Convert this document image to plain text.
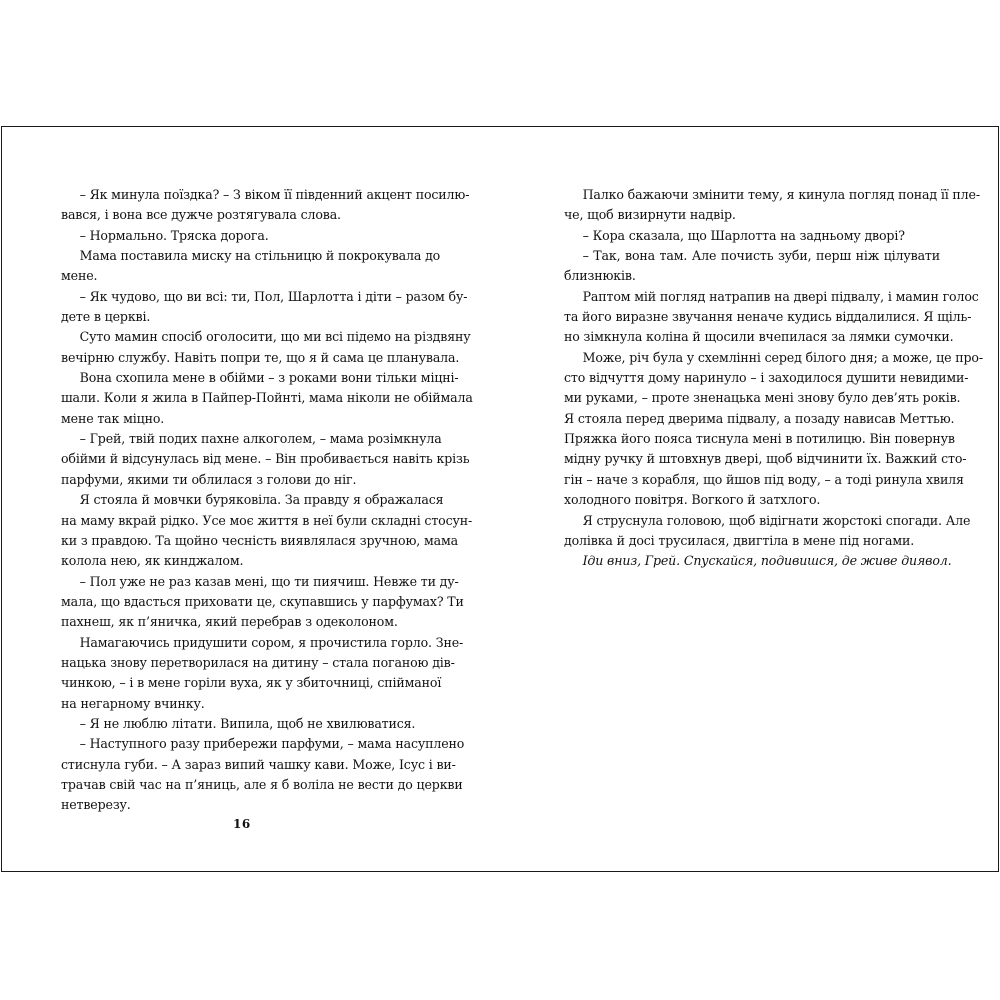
  – Як минула поїздка? – З віком її південний акцент посилю-
вався, і вона все дужче розтягувала слова.

  – Нормально. Тряска дорога.

  Мама поставила миску на стільницю й покрокувала до
мене.

  – Як чудово, що ви всі: ти, Пол, Шарлотта і діти – разом бу-
дете в церкві.

  Суто мамин спосіб оголосити, що ми всі підемо на різдвяну
вечірню службу. Навіть попри те, що я й сама це планувала.

  Вона схопила мене в обійми – з роками вони тільки міцні-
шали. Коли я жила в Пайпер-Пойнті, мама ніколи не обіймала
мене так міцно.

  – Грей, твій подих пахне алкоголем, – мама розімкнула
обійми й відсунулась від мене. – Він пробивається навіть крізь
парфуми, якими ти облилася з голови до ніг.

  Я стояла й мовчки буряковіла. За правду я ображалася
на маму вкрай рідко. Усе моє життя в неї були складні стосун-
ки з правдою. Та щойно чесність виявлялася зручною, мама
колола нею, як кинджалом.

  – Пол уже не раз казав мені, що ти пиячиш. Невже ти ду-
мала, що вдасться приховати це, скупавшись у парфумах? Ти
пахнеш, як п’яничка, який перебрав з одеколоном.

  Намагаючись придушити сором, я прочистила горло. Зне-
нацька знову перетворилася на дитину – стала поганою дів-
чинкою, – і в мене горіли вуха, як у збиточниці, спійманої
на негарному вчинку.

  – Я не люблю літати. Випила, щоб не хвилюватися.

  – Наступного разу прибережи парфуми, – мама насуплено
стиснула губи. – А зараз випий чашку кави. Може, Ісус і ви-
трачав свій час на п’яниць, але я б воліла не вести до церкви
нетверезу.

16

  Палко бажаючи змінити тему, я кинула погляд понад її пле-
че, щоб визирнути надвір.

  – Кора сказала, що Шарлотта на задньому дворі?

  – Так, вона там. Але почисть зуби, перш ніж цілувати
близнюків.

  Раптом мій погляд натрапив на двері підвалу, і мамин голос
та його виразне звучання неначе кудись віддалилися. Я щіль-
но зімкнула коліна й щосили вчепилася за лямки сумочки.

  Може, річ була у схемлінні серед білого дня; а може, це про-
сто відчуття дому наринуло – і заходилося душити невидими-
ми руками, – проте зненацька мені знову було дев’ять років.
Я стояла перед дверима підвалу, а позаду нависав Меттью.
Пряжка його пояса тиснула мені в потилицю. Він повернув
мідну ручку й штовхнув двері, щоб відчинити їх. Важкий сто-
гін – наче з корабля, що йшов під воду, – а тоді ринула хвиля
холодного повітря. Вогкого й затхлого.

  Я струснула головою, щоб відігнати жорстокі спогади. Але
долівка й досі трусилася, двигтіла в мене під ногами.

  Іди вниз, Грей. Спускайся, подивишся, де живе диявол.
